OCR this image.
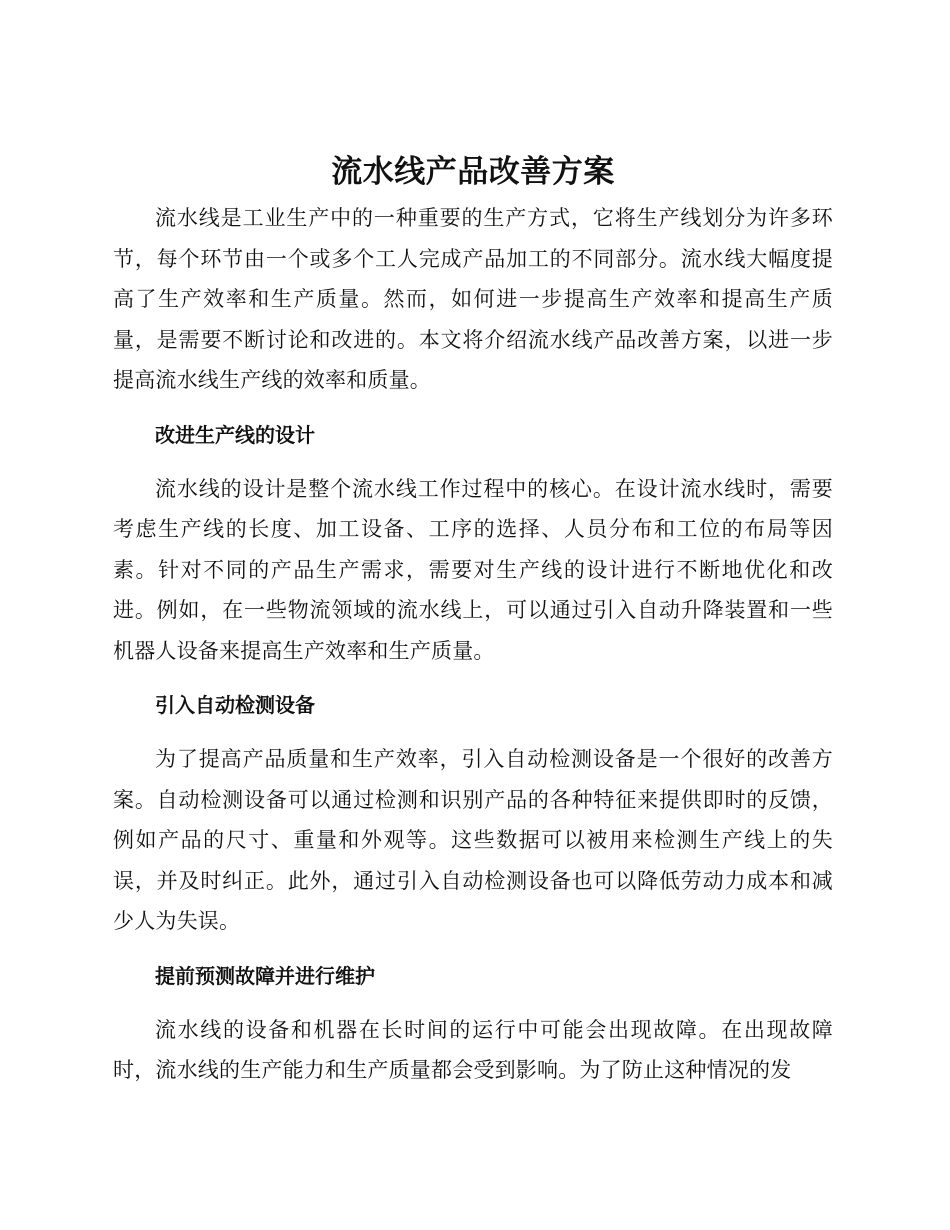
流水线产品改善方案

流水线是工业生产中的一种重要的生产方式，它将生产线划分为许多环节，每个环节由一个或多个工人完成产品加工的不同部分。流水线大幅度提高了生产效率和生产质量。然而，如何进一步提高生产效率和提高生产质量，是需要不断讨论和改进的。本文将介绍流水线产品改善方案，以进一步提高流水线生产线的效率和质量。

改进生产线的设计

流水线的设计是整个流水线工作过程中的核心。在设计流水线时，需要考虑生产线的长度、加工设备、工序的选择、人员分布和工位的布局等因素。针对不同的产品生产需求，需要对生产线的设计进行不断地优化和改进。例如，在一些物流领域的流水线上，可以通过引入自动升降装置和一些机器人设备来提高生产效率和生产质量。

引入自动检测设备

为了提高产品质量和生产效率，引入自动检测设备是一个很好的改善方案。自动检测设备可以通过检测和识别产品的各种特征来提供即时的反馈，例如产品的尺寸、重量和外观等。这些数据可以被用来检测生产线上的失误，并及时纠正。此外，通过引入自动检测设备也可以降低劳动力成本和减少人为失误。

提前预测故障并进行维护

流水线的设备和机器在长时间的运行中可能会出现故障。在出现故障时，流水线的生产能力和生产质量都会受到影响。为了防止这种情况的发
